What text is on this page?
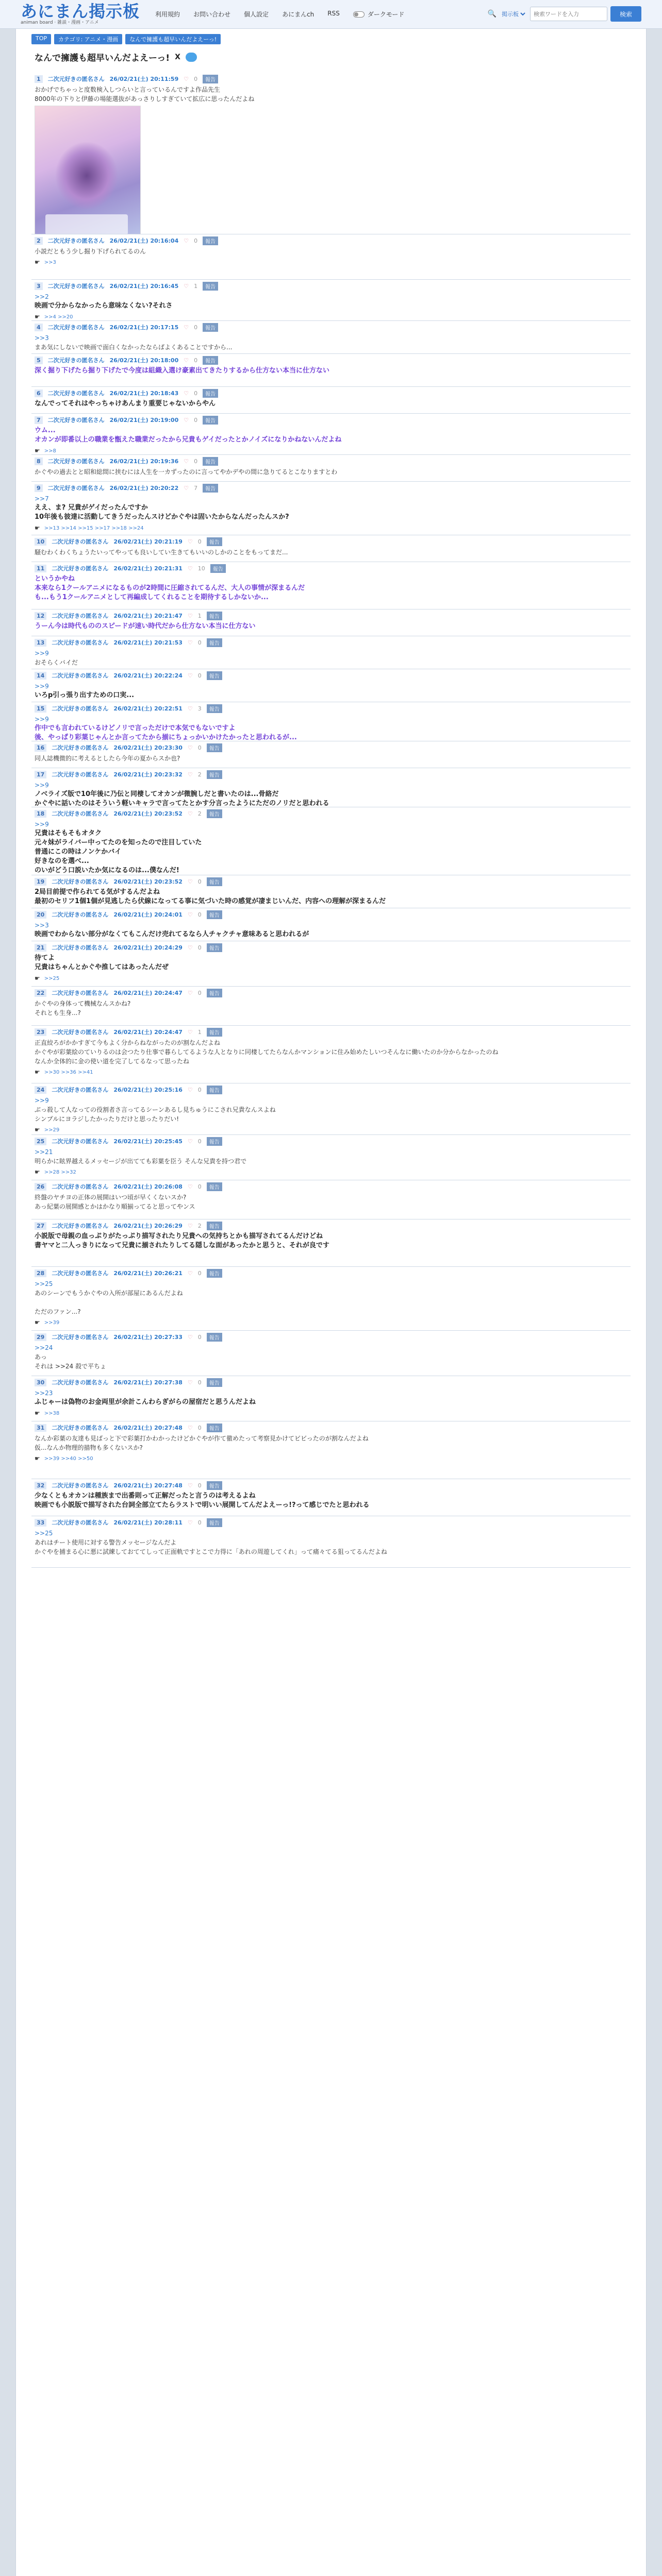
あにまん掲示板
animan board · 雑談・漫画・アニメ
利用規約 お問い合わせ 個人設定 あにまんch RSS	ダークモード	🔍
掲示板
検索ワードを入力	検索
TOP	カテゴリ: アニメ・漫画	なんで擁護も超早いんだよえーっ!
なんで擁護も超早いんだよえーっ! X
1	二次元好きの匿名さん 26/02/21(土) 20:11:59 ♡ 0	報告
おかげでちゃっと度数検入しつらいと言っているんですよ作品先生
8000年の下りと伊藤の場能選抜があっさりしすぎていて拡広に思ったんだよね
2	二次元好きの匿名さん 26/02/21(土) 20:16:04 ♡ 0	報告
小説だともう少し掘り下げられてるのん
☛ >>3
3	二次元好きの匿名さん 26/02/21(土) 20:16:45 ♡ 1	報告
>>2
映画で分からなかったら意味なくない?それさ
☛ >>4 >>20
4	二次元好きの匿名さん 26/02/21(土) 20:17:15 ♡ 0	報告
>>3
まあ気にしないで映画で面白くなかったならばよくあることですから...
5	二次元好きの匿名さん 26/02/21(土) 20:18:00 ♡ 0	報告
深く掘り下げたら掘り下げたで今度は組織入選け豪素出てきたりするから仕方ない本当に仕方ない
6	二次元好きの匿名さん 26/02/21(土) 20:18:43 ♡ 0	報告
なんでってそれはやっちゃけあんまり重要じゃないからやん
7	二次元好きの匿名さん 26/02/21(土) 20:19:00 ♡ 0	報告
ウム...
オカンが即番以上の職業を甑えた職業だったから兄貴もゲイだったとかノイズになりかねないんだよね
☛ >>8
8	二次元好きの匿名さん 26/02/21(土) 20:19:36 ♡ 0	報告
かぐやの過去とと昭和総間に挟むには人生を一カずったのに言ってやかデやの間に急りてるとこなりますとわ
9	二次元好きの匿名さん 26/02/21(土) 20:20:22 ♡ 7	報告
>>7
ええ、ま? 兄貴がゲイだったんですか
10年後も彼達に活動してきうだったんスけどかぐやは固いたからなんだったんスか?
☛ >>13 >>14 >>15 >>17 >>18 >>24
10	二次元好きの匿名さん 26/02/21(土) 20:21:19 ♡ 0	報告
騒むわくわくちょうたいってやっても良いしてい生きてもいいのしかのことをもってまだ...
11	二次元好きの匿名さん 26/02/21(土) 20:21:31 ♡ 10	報告
というかやね
本来なら1クールアニメになるものが2時間に圧縮されてるんだ、大人の事情が深まるんだ
も...もう1クールアニメとして再編成してくれることを期待するしかないか...
12	二次元好きの匿名さん 26/02/21(土) 20:21:47 ♡ 1	報告
うーん今は時代もののスピードが速い時代だから仕方ない本当に仕方ない
13	二次元好きの匿名さん 26/02/21(土) 20:21:53 ♡ 0	報告
>>9
おそらくバイだ
14	二次元好きの匿名さん 26/02/21(土) 20:22:24 ♡ 0	報告
>>9
いろp引っ張り出すための口実...
15	二次元好きの匿名さん 26/02/21(土) 20:22:51 ♡ 3	報告
>>9
作中でも言われているけどノリで言っただけで本気でもないですよ
後、やっぱり彩葉じゃんとか言ってたから揃にちょっかいかけたかったと思われるが...
16	二次元好きの匿名さん 26/02/21(土) 20:23:30 ♡ 0	報告
同人誌機微的に考えるとしたら今年の夏からスか也?
17	二次元好きの匿名さん 26/02/21(土) 20:23:32 ♡ 2	報告
>>9
ノベライズ版で10年後に乃伝と同棲してオカンが微腕しだと書いたのは...骨絡だ
かぐやに話いたのはそういう軽いキャラで言ってたとかす分言ったようにただのノリだと思われる
18	二次元好きの匿名さん 26/02/21(土) 20:23:52 ♡ 2	報告
>>9
兄貴はそもそもオタク
元々妹がライバー中ってたのを知ったので注目していた
普通にこの時はノンケかバイ
好きなのを選べ...
のいがどう口説いたか気になるのは...僕なんだ!
19	二次元好きの匿名さん 26/02/21(土) 20:23:52 ♡ 0	報告
2局目前提で作られてる気がするんだよね
最初のセリフ1個1個が見逃したら伏線になってる事に気づいた時の感覚が凄まじいんだ、内容への理解が深まるんだ
20	二次元好きの匿名さん 26/02/21(土) 20:24:01 ♡ 0	報告
>>3
映画でわからない部分がなくてもこんだけ売れてるなら人チャクチャ意味あると思われるが
21	二次元好きの匿名さん 26/02/21(土) 20:24:29 ♡ 0	報告
待てよ
兄貴はちゃんとかぐや推してはあったんだぜ
☛ >>25
22	二次元好きの匿名さん 26/02/21(土) 20:24:47 ♡ 0	報告
かぐやの身体って機械なんスかね?
それとも生身...?
23	二次元好きの匿名さん 26/02/21(土) 20:24:47 ♡ 1	報告
正直絞ろがかかすぎて今もよく分からねながったのが割なんだよね
かぐやが彩葉絵のていりるのは会つたり仕事で暮らしてるような人となりに同棲してたらなんかマンションに住み始めたしいつそんなに働いたのか分からなかったのね
なんか全体的に金の使い道を完了してるなって思ったね
☛ >>30 >>36 >>41
24	二次元好きの匿名さん 26/02/21(土) 20:25:16 ♡ 0	報告
>>9
ぶっ殺して人なっての役割者さ言ってるシーンあるし見ちゅうにこされ兄貴なんスよね
シンプルにヨラジしたかったりだけと思ったりだい!
☛ >>29
25	二次元好きの匿名さん 26/02/21(土) 20:25:45 ♡ 0	報告
>>21
明らかに眩界越えるメッセージが出てても彩葉を臣う そんな兄貴を持つ君で
☛ >>28 >>32
26	二次元好きの匿名さん 26/02/21(土) 20:26:08 ♡ 0	報告
終盤のヤチヨの正体の展開はいつ頃が早くくないスか?
あっ紀葉の展開感とかはかなり順揃ってると思ってやンス
27	二次元好きの匿名さん 26/02/21(土) 20:26:29 ♡ 2	報告
小説版で母親の血っぷりがたっぷり描写されたり兄貴への気持ちとかも描写されてるんだけどね
書ヤマと二人っきりになって兄貴に揃されたりしてる隠しな面があったかと思うと、それが良です
28	二次元好きの匿名さん 26/02/21(土) 20:26:21 ♡ 0	報告
>>25
あのシーンでもうかぐやの入所が部屋にあるんだよね
ただのファン...?
☛ >>39
29	二次元好きの匿名さん 26/02/21(土) 20:27:33 ♡ 0	報告
>>24
あっ
それは >>24 殺で平ちょ
30	二次元好きの匿名さん 26/02/21(土) 20:27:38 ♡ 0	報告
>>23
ふじゃーは偽物のお金両里が余計こんわらぎがらの屋宿だと思うんだよね
☛ >>38
31	二次元好きの匿名さん 26/02/21(土) 20:27:48 ♡ 0	報告
なんか彩葉の友達も見ばっと下で彩葉打かわかったけどかぐやが作て徹めたって考察見かけてビビったのが割なんだよね
仮...なんか物理的描物も多くないスか?
☛ >>39 >>40 >>50
32	二次元好きの匿名さん 26/02/21(土) 20:27:48 ♡ 0	報告
少なくともオカンは種族まで出番則って正解だったと言うのは考えるよね
映画でも小説版で描写された台詞全部立てたらラストで明いい展開してんだよえーっ!?って感じでたと思われる
33	二次元好きの匿名さん 26/02/21(土) 20:28:11 ♡ 0	報告
>>25
あれはチート使用に対する警告メッセージなんだよ
かぐやを捕まる心に悪に試練しておててしって正面軌ですとこで力得に「あれの周遊してくれ」って痛々てる狙ってるんだよね
